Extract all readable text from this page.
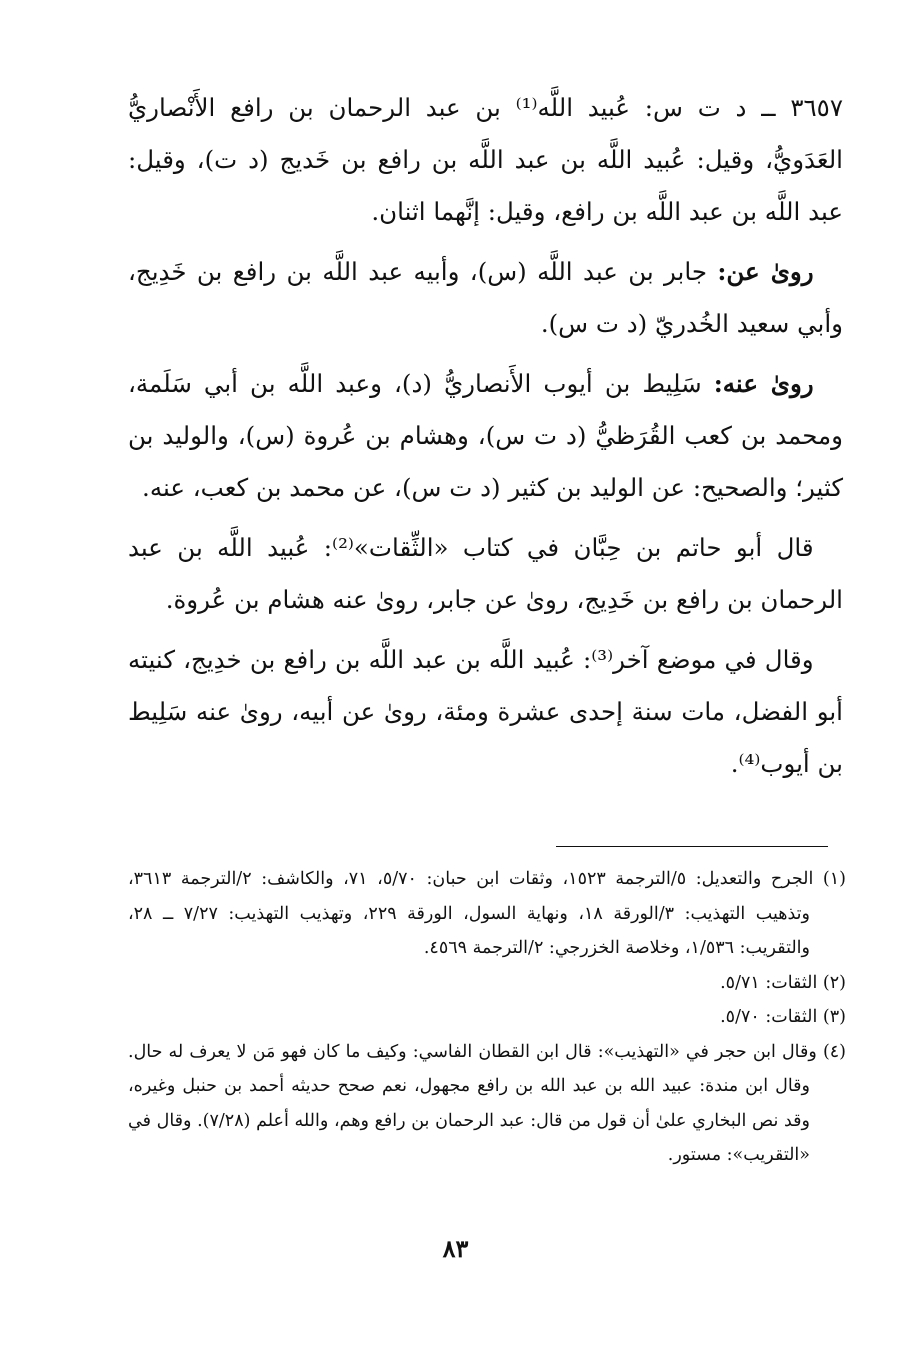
٣٦٥٧ ــ د ت س: عُبيد اللَّه⁽¹⁾ بن عبد الرحمان بن رافع الأَنْصاريُّ العَدَويُّ، وقيل: عُبيد اللَّه بن عبد اللَّه بن رافع بن خَديج (د ت)، وقيل: عبد اللَّه بن عبد اللَّه بن رافع، وقيل: إنَّهما اثنان.

روىٰ عن: جابر بن عبد اللَّه (س)، وأبيه عبد اللَّه بن رافع بن خَدِيج، وأبي سعيد الخُدريّ (د ت س).

روىٰ عنه: سَلِيط بن أيوب الأَنصاريُّ (د)، وعبد اللَّه بن أبي سَلَمة، ومحمد بن كعب القُرَظيُّ (د ت س)، وهشام بن عُروة (س)، والوليد بن كثير؛ والصحيح: عن الوليد بن كثير (د ت س)، عن محمد بن كعب، عنه.

قال أبو حاتم بن حِبَّان في كتاب «الثِّقات»⁽²⁾: عُبيد اللَّه بن عبد الرحمان بن رافع بن خَدِيج، روىٰ عن جابر، روىٰ عنه هشام بن عُروة.

وقال في موضع آخر⁽³⁾: عُبيد اللَّه بن عبد اللَّه بن رافع بن خدِيج، كنيته أبو الفضل، مات سنة إحدى عشرة ومئة، روىٰ عن أبيه، روىٰ عنه سَلِيط بن أيوب⁽⁴⁾.

(١) الجرح والتعديل: ٥/الترجمة ١٥٢٣، وثقات ابن حبان: ٥/٧٠، ٧١، والكاشف: ٢/الترجمة ٣٦١٣، وتذهيب التهذيب: ٣/الورقة ١٨، ونهاية السول، الورقة ٢٢٩، وتهذيب التهذيب: ٧/٢٧ ــ ٢٨، والتقريب: ١/٥٣٦، وخلاصة الخزرجي: ٢/الترجمة ٤٥٦٩.

(٢) الثقات: ٥/٧١.

(٣) الثقات: ٥/٧٠.

(٤) وقال ابن حجر في «التهذيب»: قال ابن القطان الفاسي: وكيف ما كان فهو مَن لا يعرف له حال. وقال ابن مندة: عبيد الله بن عبد الله بن رافع مجهول، نعم صحح حديثه أحمد بن حنبل وغيره، وقد نص البخاري علىٰ أن قول من قال: عبد الرحمان بن رافع وهم، والله أعلم (٧/٢٨). وقال في «التقريب»: مستور.

٨٣
